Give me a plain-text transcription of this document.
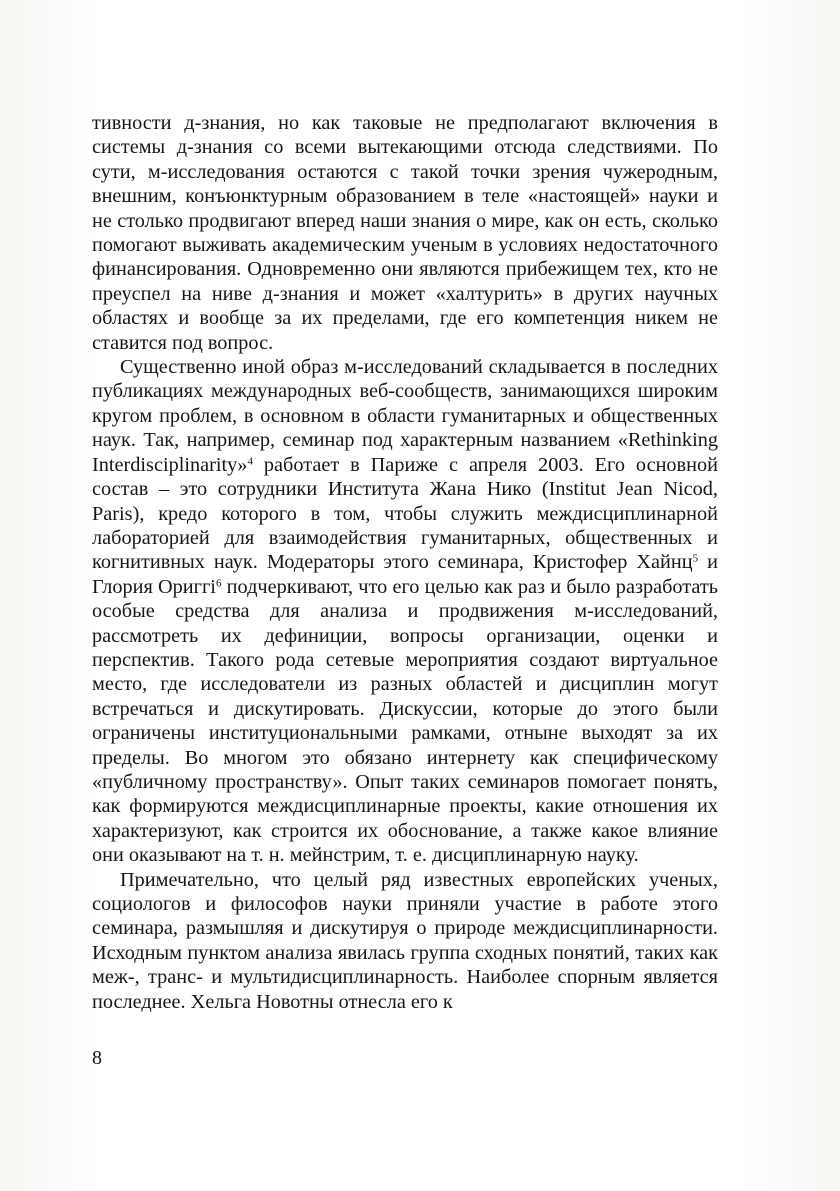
тивности д-знания, но как таковые не предполагают включения в системы д-знания со всеми вытекающими отсюда следствиями. По сути, м-исследования остаются с такой точки зрения чужеродным, внешним, конъюнктурным образованием в теле «настоящей» науки и не столько продвигают вперед наши знания о мире, как он есть, сколько помогают выживать академическим ученым в условиях недостаточного финансирования. Одновременно они являются прибежищем тех, кто не преуспел на ниве д-знания и может «халтурить» в других научных областях и вообще за их пределами, где его компетенция никем не ставится под вопрос.

Существенно иной образ м-исследований складывается в последних публикациях международных веб-сообществ, занимающихся широким кругом проблем, в основном в области гуманитарных и общественных наук. Так, например, семинар под характерным названием «Rethinking Interdisciplinarity»$^4$ работает в Париже с апреля 2003. Его основной состав – это сотрудники Института Жана Нико (Institut Jean Nicod, Paris), кредо которого в том, чтобы служить междисциплинарной лабораторией для взаимодействия гуманитарных, общественных и когнитивных наук. Модераторы этого семинара, Кристофер Хайнц$^5$ и Глория Ориггі$^6$ подчеркивают, что его целью как раз и было разработать особые средства для анализа и продвижения м-исследований, рассмотреть их дефиниции, вопросы организации, оценки и перспектив. Такого рода сетевые мероприятия создают виртуальное место, где исследователи из разных областей и дисциплин могут встречаться и дискутировать. Дискуссии, которые до этого были ограничены институциональными рамками, отныне выходят за их пределы. Во многом это обязано интернету как специфическому «публичному пространству». Опыт таких семинаров помогает понять, как формируются междисциплинарные проекты, какие отношения их характеризуют, как строится их обоснование, а также какое влияние они оказывают на т. н. мейнстрим, т. е. дисциплинарную науку.

Примечательно, что целый ряд известных европейских ученых, социологов и философов науки приняли участие в работе этого семинара, размышляя и дискутируя о природе междисциплинарности. Исходным пунктом анализа явилась группа сходных понятий, таких как меж-, транс- и мультидисциплинарность. Наиболее спорным является последнее. Хельга Новотны отнесла его к

8
